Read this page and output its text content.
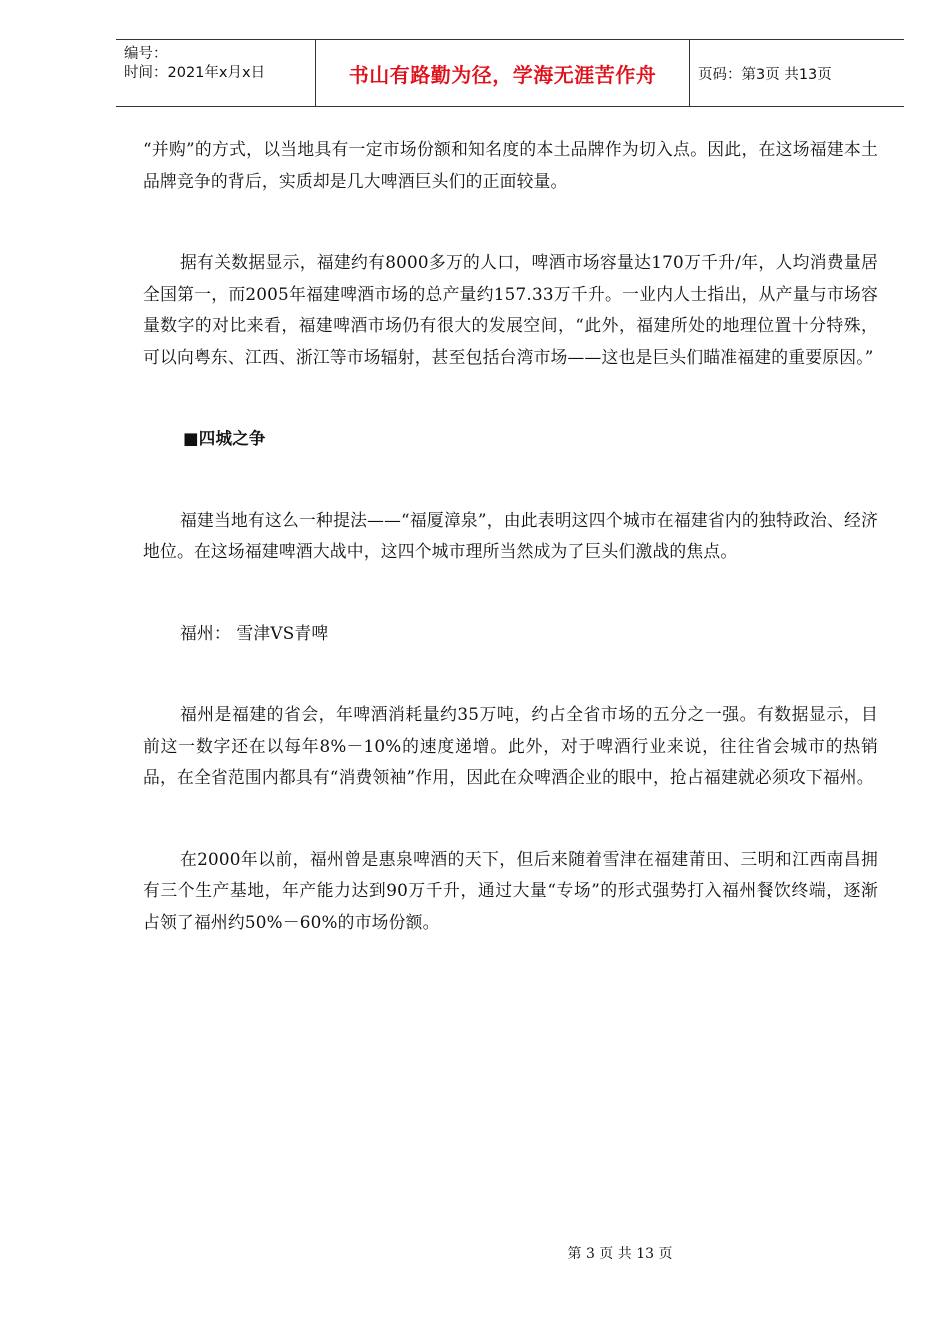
编号：
时间：2021年x月x日	书山有路勤为径，学海无涯苦作舟	页码：第3页 共13页

“并购”的方式，以当地具有一定市场份额和知名度的本土品牌作为切入点。因此，在这场福建本土品牌竞争的背后，实质却是几大啤酒巨头们的正面较量。

据有关数据显示，福建约有8000多万的人口，啤酒市场容量达170万千升/年，人均消费量居全国第一，而2005年福建啤酒市场的总产量约157.33万千升。一业内人士指出，从产量与市场容量数字的对比来看，福建啤酒市场仍有很大的发展空间，“此外，福建所处的地理位置十分特殊，可以向粤东、江西、浙江等市场辐射，甚至包括台湾市场——这也是巨头们瞄准福建的重要原因。”

■四城之争

福建当地有这么一种提法——“福厦漳泉”，由此表明这四个城市在福建省内的独特政治、经济地位。在这场福建啤酒大战中，这四个城市理所当然成为了巨头们激战的焦点。

福州： 雪津VS青啤

福州是福建的省会，年啤酒消耗量约35万吨，约占全省市场的五分之一强。有数据显示，目前这一数字还在以每年8%－10%的速度递增。此外，对于啤酒行业来说，往往省会城市的热销品，在全省范围内都具有“消费领袖”作用，因此在众啤酒企业的眼中，抢占福建就必须攻下福州。

在2000年以前，福州曾是惠泉啤酒的天下，但后来随着雪津在福建莆田、三明和江西南昌拥有三个生产基地，年产能力达到90万千升，通过大量“专场”的形式强势打入福州餐饮终端，逐渐占领了福州约50%－60%的市场份额。

第 3 页 共 13 页
